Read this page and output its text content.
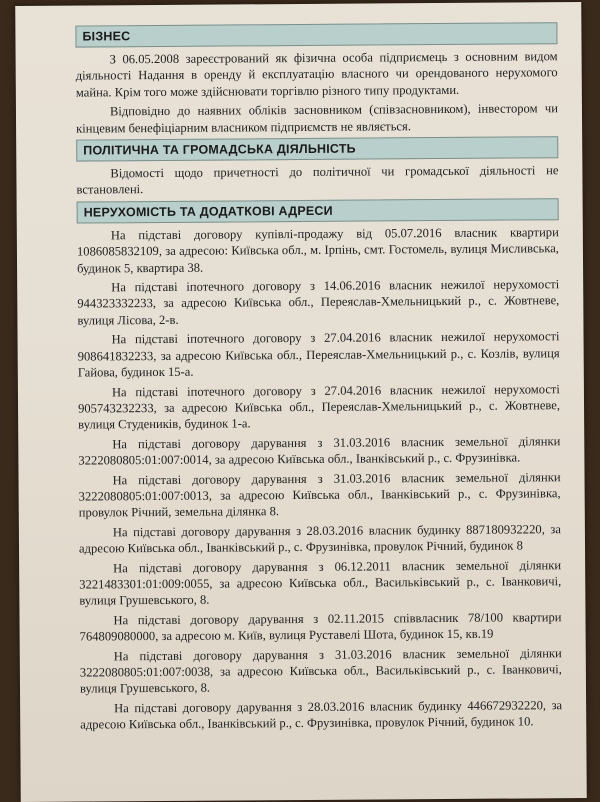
БІЗНЕС

З 06.05.2008 зареєстрований як фізична особа підприємець з основним видом діяльності Надання в оренду й експлуатацію власного чи орендованого нерухомого майна. Крім того може здійснювати торгівлю різного типу продуктами.

Відповідно до наявних обліків засновником (співзасновником), інвестором чи кінцевим бенефіціарним власником підприємств не являється.

ПОЛІТИЧНА ТА ГРОМАДСЬКА ДІЯЛЬНІСТЬ

Відомості щодо причетності до політичної чи громадської діяльності не встановлені.

НЕРУХОМІСТЬ ТА ДОДАТКОВІ АДРЕСИ

На підставі договору купівлі-продажу від 05.07.2016 власник квартири 1086085832109, за адресою: Київська обл., м. Ірпінь, смт. Гостомель, вулиця Мисливська, будинок 5, квартира 38.

На підставі іпотечного договору з 14.06.2016 власник нежилої нерухомості 944323332233, за адресою Київська обл., Переяслав-Хмельницький р., с. Жовтневе, вулиця Лісова, 2-в.

На підставі іпотечного договору з 27.04.2016 власник нежилої нерухомості 908641832233, за адресою Київська обл., Переяслав-Хмельницький р., с. Козлів, вулиця Гайова, будинок 15-а.

На підставі іпотечного договору з 27.04.2016 власник нежилої нерухомості 905743232233, за адресою Київська обл., Переяслав-Хмельницький р., с. Жовтневе, вулиця Студеників, будинок 1-а.

На підставі договору дарування з 31.03.2016 власник земельної ділянки 3222080805:01:007:0014, за адресою Київська обл., Іванківський р., с. Фрузинівка.

На підставі договору дарування з 31.03.2016 власник земельної ділянки 3222080805:01:007:0013, за адресою Київська обл., Іванківський р., с. Фрузинівка, провулок Річний, земельна ділянка 8.

На підставі договору дарування з 28.03.2016 власник будинку 887180932220, за адресою Київська обл., Іванківський р., с. Фрузинівка, провулок Річний, будинок 8

На підставі договору дарування з 06.12.2011 власник земельної ділянки 3221483301:01:009:0055, за адресою Київська обл., Васильківський р., с. Іванковичі, вулиця Грушевського, 8.

На підставі договору дарування з 02.11.2015 співвласник 78/100 квартири 764809080000, за адресою м. Київ, вулиця Руставелі Шота, будинок 15, кв.19

На підставі договору дарування з 31.03.2016 власник земельної ділянки 3222080805:01:007:0038, за адресою Київська обл., Васильківський р., с. Іванковичі, вулиця Грушевського, 8.

На підставі договору дарування з 28.03.2016 власник будинку 446672932220, за адресою Київська обл., Іванківський р., с. Фрузинівка, провулок Річний, будинок 10.
